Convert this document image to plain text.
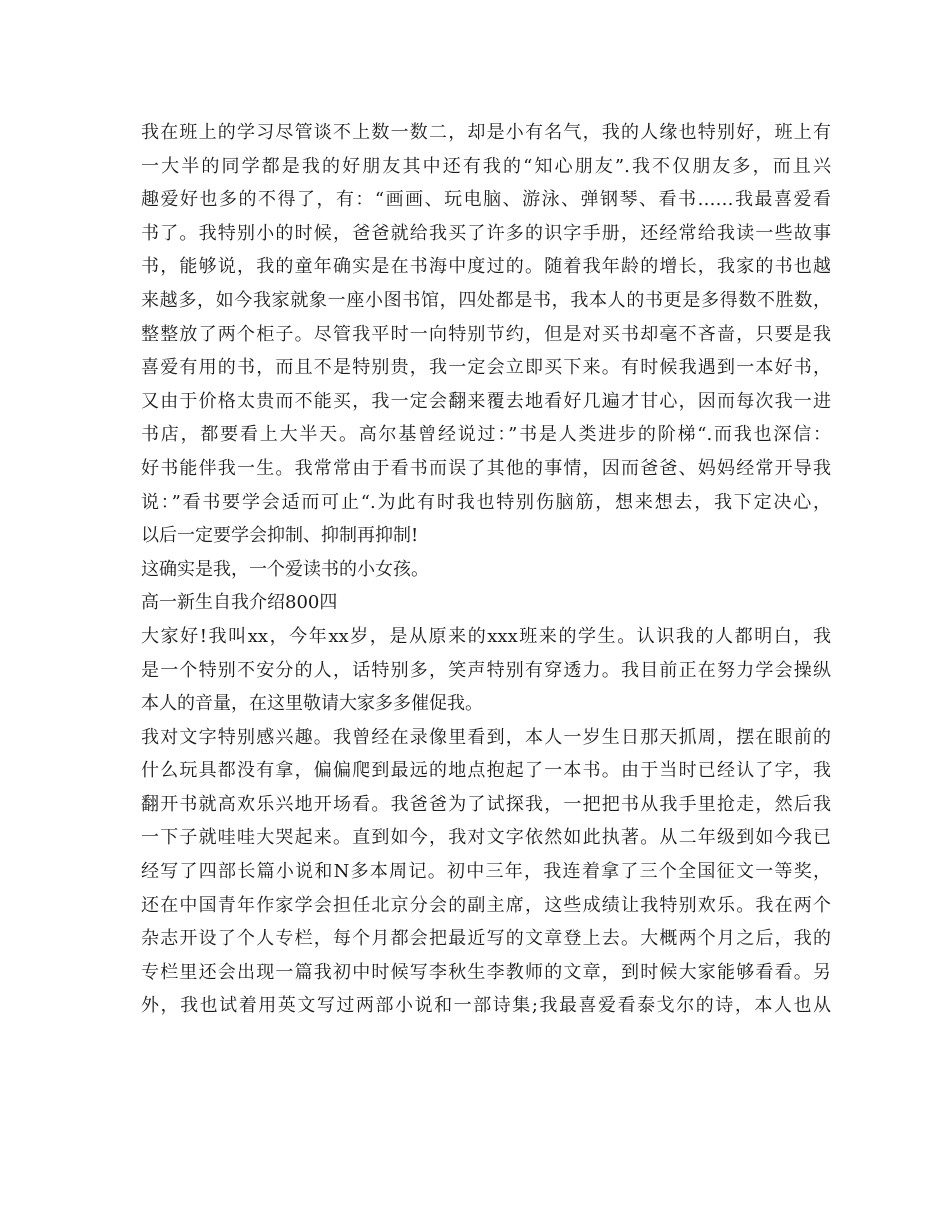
我在班上的学习尽管谈不上数一数二，却是小有名气，我的人缘也特别好，班上有
一大半的同学都是我的好朋友其中还有我的“知心朋友”.我不仅朋友多，而且兴
趣爱好也多的不得了，有：“画画、玩电脑、游泳、弹钢琴、看书……我最喜爱看
书了。我特别小的时候，爸爸就给我买了许多的识字手册，还经常给我读一些故事
书，能够说，我的童年确实是在书海中度过的。随着我年龄的增长，我家的书也越
来越多，如今我家就象一座小图书馆，四处都是书，我本人的书更是多得数不胜数，
整整放了两个柜子。尽管我平时一向特别节约，但是对买书却毫不吝啬，只要是我
喜爱有用的书，而且不是特别贵，我一定会立即买下来。有时候我遇到一本好书，
又由于价格太贵而不能买，我一定会翻来覆去地看好几遍才甘心，因而每次我一进
书店，都要看上大半天。高尔基曾经说过：”书是人类进步的阶梯“.而我也深信：
好书能伴我一生。我常常由于看书而误了其他的事情，因而爸爸、妈妈经常开导我
说：”看书要学会适而可止“.为此有时我也特别伤脑筋，想来想去，我下定决心，
以后一定要学会抑制、抑制再抑制!
这确实是我，一个爱读书的小女孩。
高一新生自我介绍800四
大家好!我叫xx，今年xx岁，是从原来的xxx班来的学生。认识我的人都明白，我
是一个特别不安分的人，话特别多，笑声特别有穿透力。我目前正在努力学会操纵
本人的音量，在这里敬请大家多多催促我。
我对文字特别感兴趣。我曾经在录像里看到，本人一岁生日那天抓周，摆在眼前的
什么玩具都没有拿，偏偏爬到最远的地点抱起了一本书。由于当时已经认了字，我
翻开书就高欢乐兴地开场看。我爸爸为了试探我，一把把书从我手里抢走，然后我
一下子就哇哇大哭起来。直到如今，我对文字依然如此执著。从二年级到如今我已
经写了四部长篇小说和N多本周记。初中三年，我连着拿了三个全国征文一等奖，
还在中国青年作家学会担任北京分会的副主席，这些成绩让我特别欢乐。我在两个
杂志开设了个人专栏，每个月都会把最近写的文章登上去。大概两个月之后，我的
专栏里还会出现一篇我初中时候写李秋生李教师的文章，到时候大家能够看看。另
外，我也试着用英文写过两部小说和一部诗集;我最喜爱看泰戈尔的诗，本人也从
